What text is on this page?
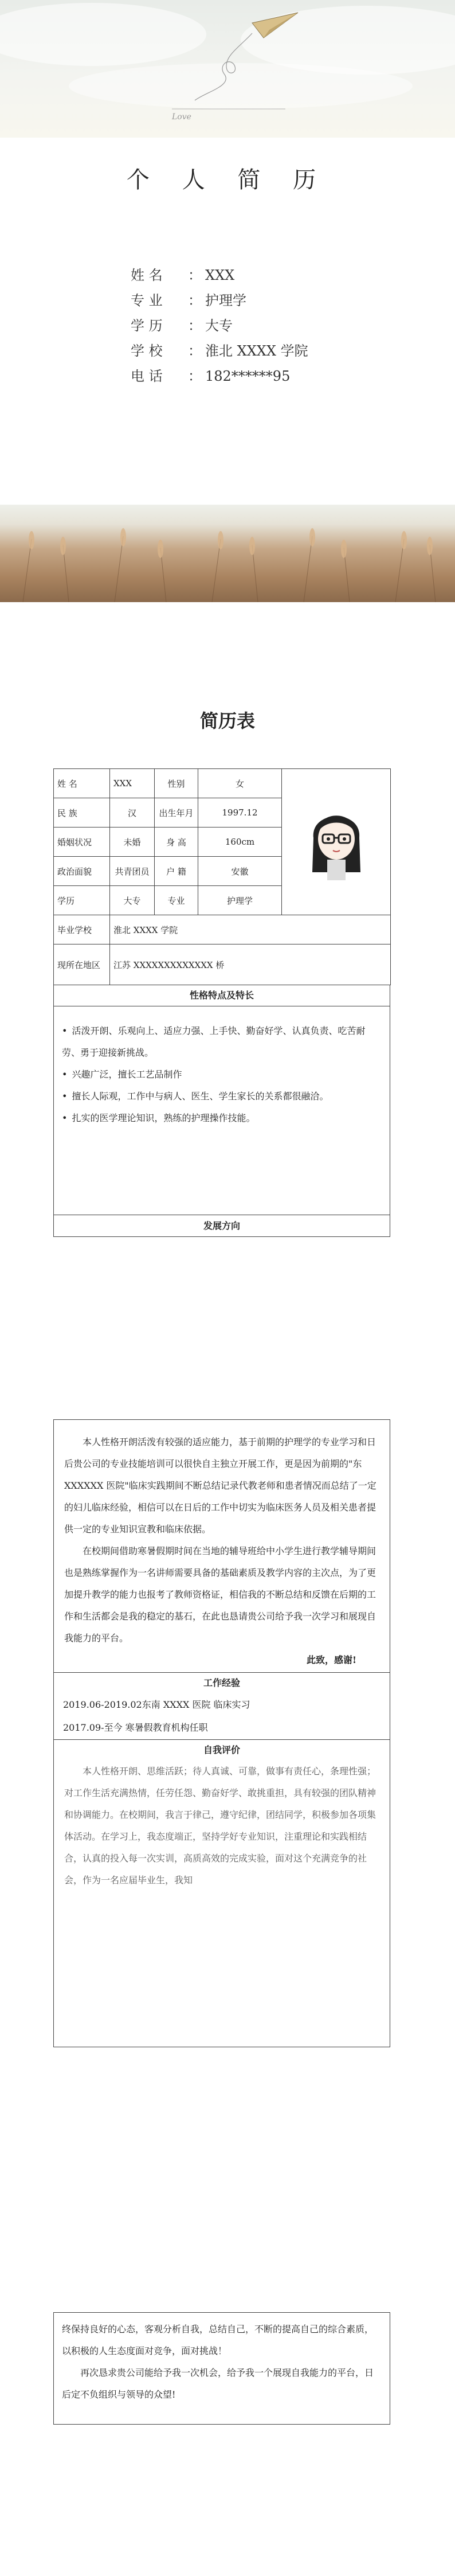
Love
个 人 简 历
姓 名 ： XXX
专 业 ： 护理学
学 历 ： 大专
学 校 ： 淮北 XXXX 学院
电 话 ： 182******95
简历表
姓 名	XXX	性别	女	
民 族	汉	出生年月	1997.12	
婚姻状况	未婚	身 高	160cm	
政治面貌	共青团员	户 籍	安徽	
学历	大专	专业	护理学	
毕业学校	淮北 XXXX 学院			
现所在地区	江苏 XXXXXXXXXXXXX 桥			
性格特点及特长
• 活泼开朗、乐观向上、适应力强、上手快、勤奋好学、认真负责、吃苦耐劳、勇于迎接新挑战。
• 兴趣广泛，擅长工艺品制作
• 擅长人际观，工作中与病人、医生、学生家长的关系都很融洽。
• 扎实的医学理论知识，熟练的护理操作技能。
发展方向

本人性格开朗活泼有较强的适应能力，基于前期的护理学的专业学习和日后贵公司的专业技能培训可以很快自主独立开展工作，更是因为前期的"东 XXXXXX 医院"临床实践期间不断总结记录代教老师和患者情况而总结了一定的妇儿临床经验，相信可以在日后的工作中切实为临床医务人员及相关患者提供一定的专业知识宣教和临床依据。

在校期间借助寒暑假期时间在当地的辅导班给中小学生进行教学辅导期间也是熟练掌握作为一名讲师需要具备的基础素质及教学内容的主次点，为了更加提升教学的能力也报考了教师资格证，相信我的不断总结和反馈在后期的工作和生活都会是我的稳定的基石，在此也恳请贵公司给予我一次学习和展现自我能力的平台。

此致，感谢!
工作经验
2019.06-2019.02东南 XXXX 医院 临床实习
2017.09-至今 寒暑假教育机构任职
自我评价

本人性格开朗、思维活跃；待人真诚、可靠，做事有责任心，条理性强；对工作生活充满热情，任劳任怨、勤奋好学、敢挑重担，具有较强的团队精神和协调能力。在校期间，我言于律己，遵守纪律，团结同学，积极参加各项集体活动。在学习上，我态度端正，坚持学好专业知识，注重理论和实践相结合，认真的投入每一次实训，高质高效的完成实验，面对这个充满竞争的社会，作为一名应届毕业生，我知

终保持良好的心态，客观分析自我，总结自己，不断的提高自己的综合素质，以积极的人生态度面对竞争，面对挑战！

再次恳求贵公司能给予我一次机会，给予我一个展现自我能力的平台，日后定不负组织与领导的众望!
